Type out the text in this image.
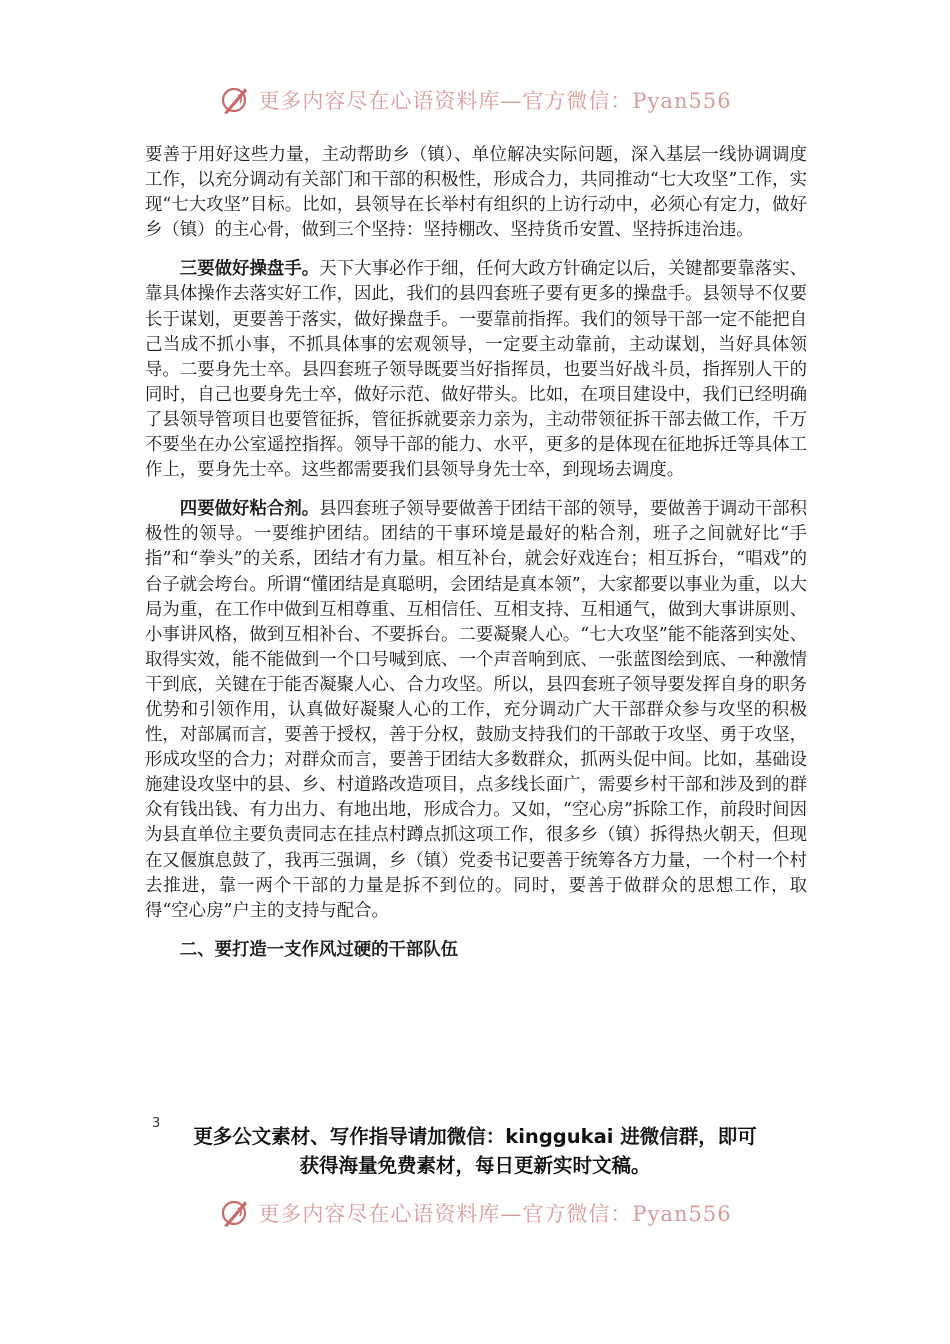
更多内容尽在心语资料库—官方微信：Pyan556

要善于用好这些力量，主动帮助乡（镇）、单位解决实际问题，深入基层一线协调调度工作，以充分调动有关部门和干部的积极性，形成合力，共同推动“七大攻坚”工作，实现“七大攻坚”目标。比如，县领导在长举村有组织的上访行动中，必须心有定力，做好乡（镇）的主心骨，做到三个坚持：坚持棚改、坚持货币安置、坚持拆违治违。

三要做好操盘手。天下大事必作于细，任何大政方针确定以后，关键都要靠落实、靠具体操作去落实好工作，因此，我们的县四套班子要有更多的操盘手。县领导不仅要长于谋划，更要善于落实，做好操盘手。一要靠前指挥。我们的领导干部一定不能把自己当成不抓小事，不抓具体事的宏观领导，一定要主动靠前，主动谋划，当好具体领导。二要身先士卒。县四套班子领导既要当好指挥员，也要当好战斗员，指挥别人干的同时，自己也要身先士卒，做好示范、做好带头。比如，在项目建设中，我们已经明确了县领导管项目也要管征拆，管征拆就要亲力亲为，主动带领征拆干部去做工作，千万不要坐在办公室遥控指挥。领导干部的能力、水平，更多的是体现在征地拆迁等具体工作上，要身先士卒。这些都需要我们县领导身先士卒，到现场去调度。

四要做好粘合剂。县四套班子领导要做善于团结干部的领导，要做善于调动干部积极性的领导。一要维护团结。团结的干事环境是最好的粘合剂，班子之间就好比“手指”和“拳头”的关系，团结才有力量。相互补台，就会好戏连台；相互拆台，“唱戏”的台子就会垮台。所谓“懂团结是真聪明，会团结是真本领”，大家都要以事业为重，以大局为重，在工作中做到互相尊重、互相信任、互相支持、互相通气，做到大事讲原则、小事讲风格，做到互相补台、不要拆台。二要凝聚人心。“七大攻坚”能不能落到实处、取得实效，能不能做到一个口号喊到底、一个声音响到底、一张蓝图绘到底、一种激情干到底，关键在于能否凝聚人心、合力攻坚。所以，县四套班子领导要发挥自身的职务优势和引领作用，认真做好凝聚人心的工作，充分调动广大干部群众参与攻坚的积极性，对部属而言，要善于授权，善于分权，鼓励支持我们的干部敢于攻坚、勇于攻坚，形成攻坚的合力；对群众而言，要善于团结大多数群众，抓两头促中间。比如，基础设施建设攻坚中的县、乡、村道路改造项目，点多线长面广，需要乡村干部和涉及到的群众有钱出钱、有力出力、有地出地，形成合力。又如，“空心房”拆除工作，前段时间因为县直单位主要负责同志在挂点村蹲点抓这项工作，很多乡（镇）拆得热火朝天，但现在又偃旗息鼓了，我再三强调，乡（镇）党委书记要善于统筹各方力量，一个村一个村去推进，靠一两个干部的力量是拆不到位的。同时，要善于做群众的思想工作，取得“空心房”户主的支持与配合。

二、要打造一支作风过硬的干部队伍

3
更多公文素材、写作指导请加微信：kinggukai 进微信群，即可
获得海量免费素材，每日更新实时文稿。
更多内容尽在心语资料库—官方微信：Pyan556
